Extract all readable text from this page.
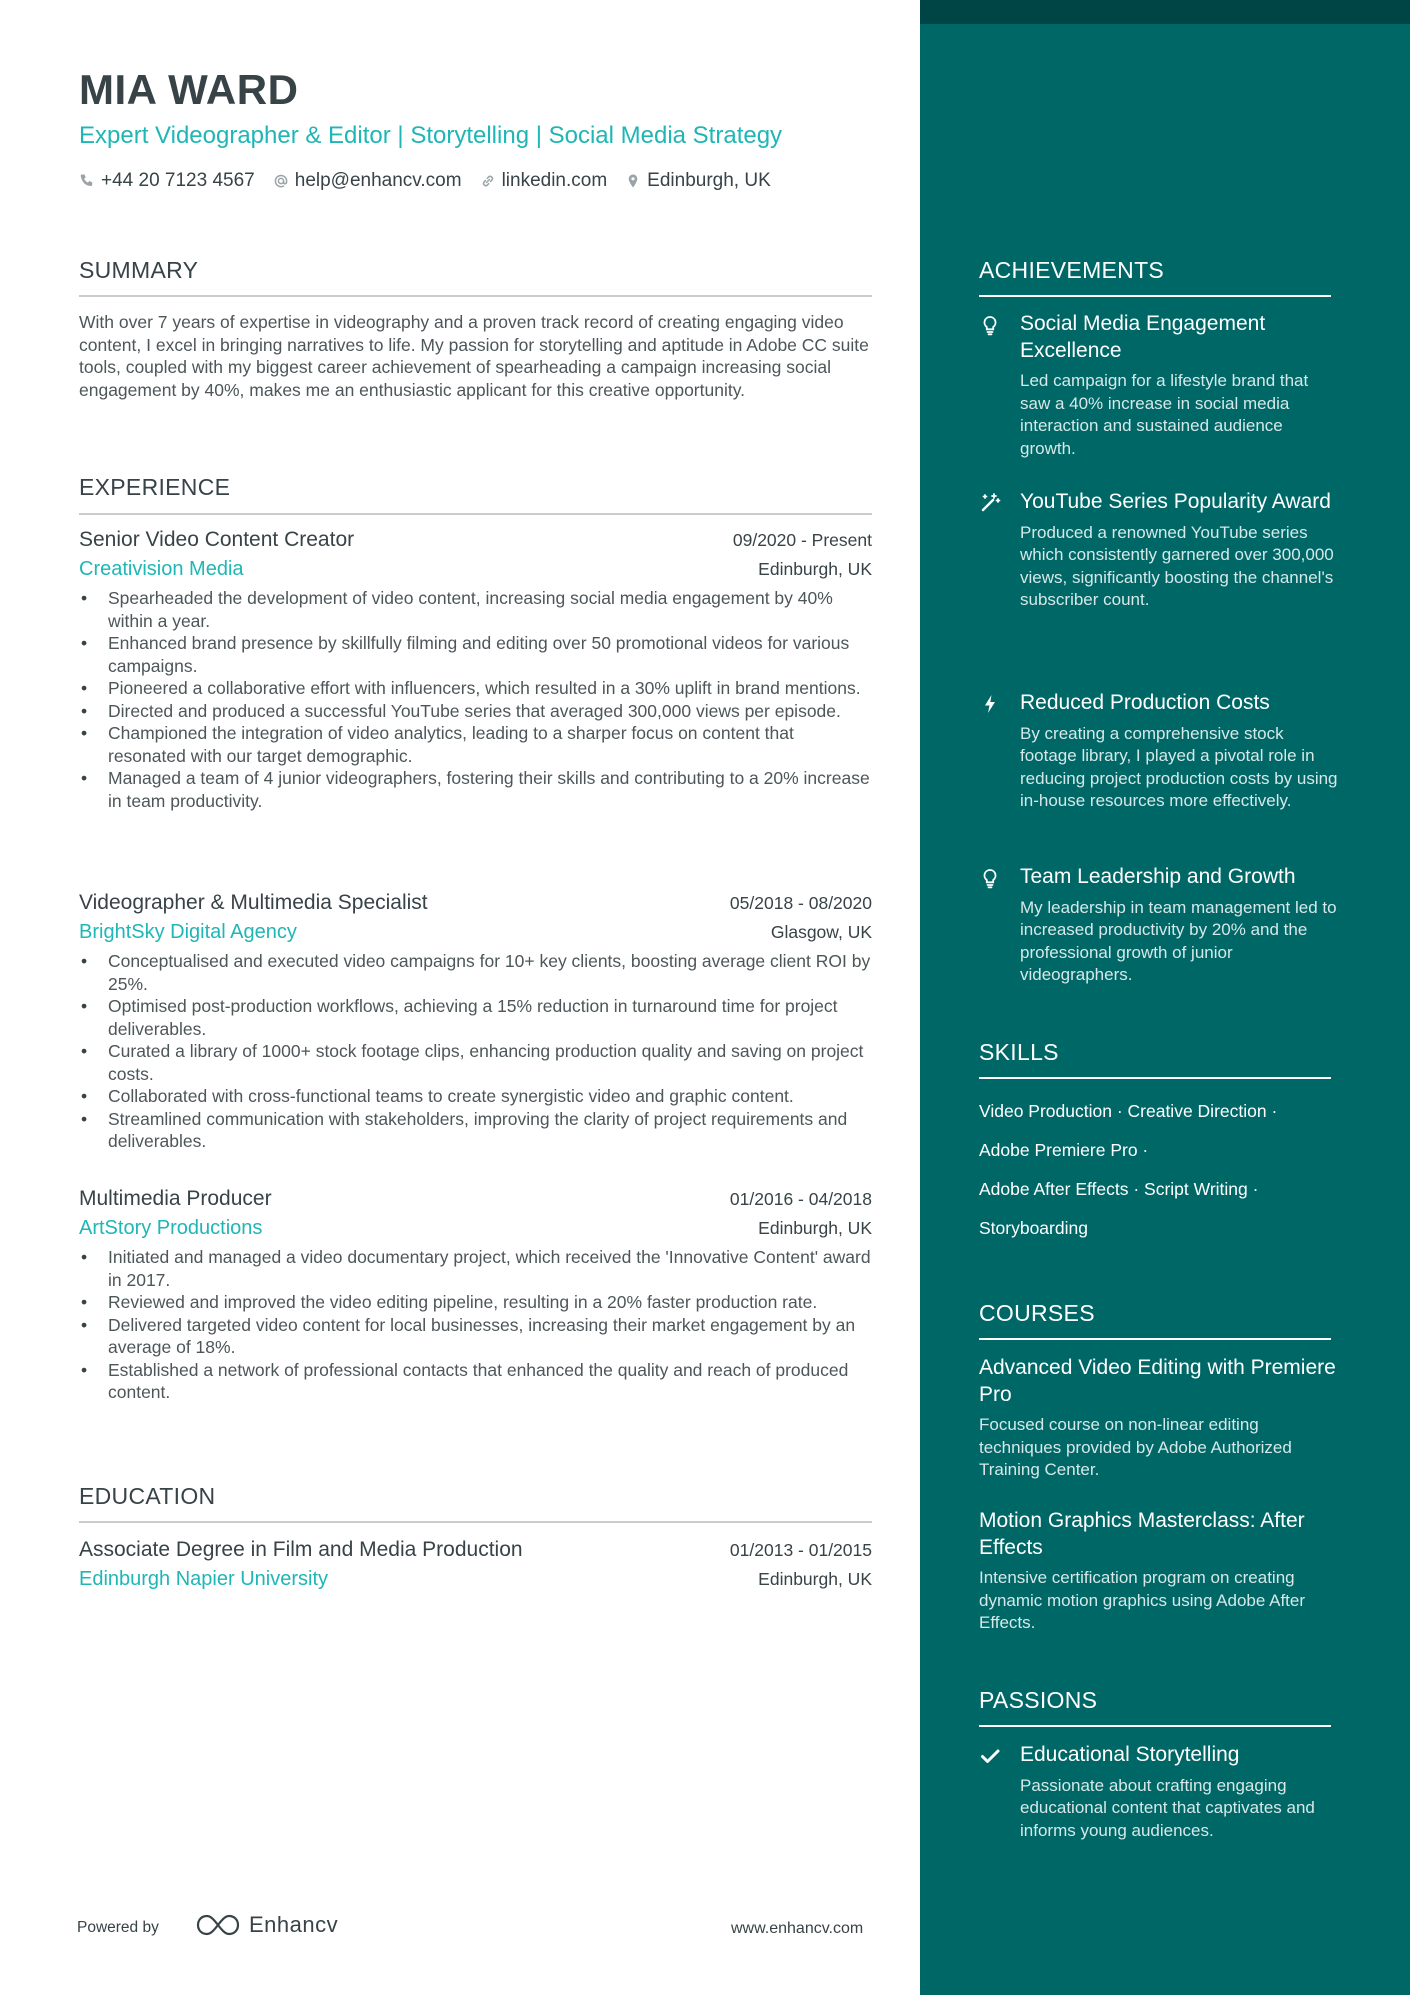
MIA WARD
Expert Videographer & Editor | Storytelling | Social Media Strategy
+44 20 7123 4567 help@enhancv.com linkedin.com Edinburgh, UK
SUMMARY
With over 7 years of expertise in videography and a proven track record of creating engaging video content, I excel in bringing narratives to life. My passion for storytelling and aptitude in Adobe CC suite tools, coupled with my biggest career achievement of spearheading a campaign increasing social engagement by 40%, makes me an enthusiastic applicant for this creative opportunity.
EXPERIENCE
Senior Video Content Creator	09/2020 - Present
Creativision Media	Edinburgh, UK
• Spearheaded the development of video content, increasing social media engagement by 40% within a year.
• Enhanced brand presence by skillfully filming and editing over 50 promotional videos for various campaigns.
• Pioneered a collaborative effort with influencers, which resulted in a 30% uplift in brand mentions.
• Directed and produced a successful YouTube series that averaged 300,000 views per episode.
• Championed the integration of video analytics, leading to a sharper focus on content that resonated with our target demographic.
• Managed a team of 4 junior videographers, fostering their skills and contributing to a 20% increase in team productivity.
Videographer & Multimedia Specialist	05/2018 - 08/2020
BrightSky Digital Agency	Glasgow, UK
• Conceptualised and executed video campaigns for 10+ key clients, boosting average client ROI by 25%.
• Optimised post-production workflows, achieving a 15% reduction in turnaround time for project deliverables.
• Curated a library of 1000+ stock footage clips, enhancing production quality and saving on project costs.
• Collaborated with cross-functional teams to create synergistic video and graphic content.
• Streamlined communication with stakeholders, improving the clarity of project requirements and deliverables.
Multimedia Producer	01/2016 - 04/2018
ArtStory Productions	Edinburgh, UK
• Initiated and managed a video documentary project, which received the 'Innovative Content' award in 2017.
• Reviewed and improved the video editing pipeline, resulting in a 20% faster production rate.
• Delivered targeted video content for local businesses, increasing their market engagement by an average of 18%.
• Established a network of professional contacts that enhanced the quality and reach of produced content.
EDUCATION
Associate Degree in Film and Media Production	01/2013 - 01/2015
Edinburgh Napier University	Edinburgh, UK
Powered by	Enhancv	www.enhancv.com
ACHIEVEMENTS
Social Media Engagement Excellence
Led campaign for a lifestyle brand that saw a 40% increase in social media interaction and sustained audience growth.
YouTube Series Popularity Award
Produced a renowned YouTube series which consistently garnered over 300,000 views, significantly boosting the channel's subscriber count.
Reduced Production Costs
By creating a comprehensive stock footage library, I played a pivotal role in reducing project production costs by using in-house resources more effectively.
Team Leadership and Growth
My leadership in team management led to increased productivity by 20% and the professional growth of junior videographers.
SKILLS
Video Production · Creative Direction ·
Adobe Premiere Pro ·
Adobe After Effects · Script Writing ·
Storyboarding
COURSES
Advanced Video Editing with Premiere Pro
Focused course on non-linear editing techniques provided by Adobe Authorized Training Center.
Motion Graphics Masterclass: After Effects
Intensive certification program on creating dynamic motion graphics using Adobe After Effects.
PASSIONS
Educational Storytelling
Passionate about crafting engaging educational content that captivates and informs young audiences.
